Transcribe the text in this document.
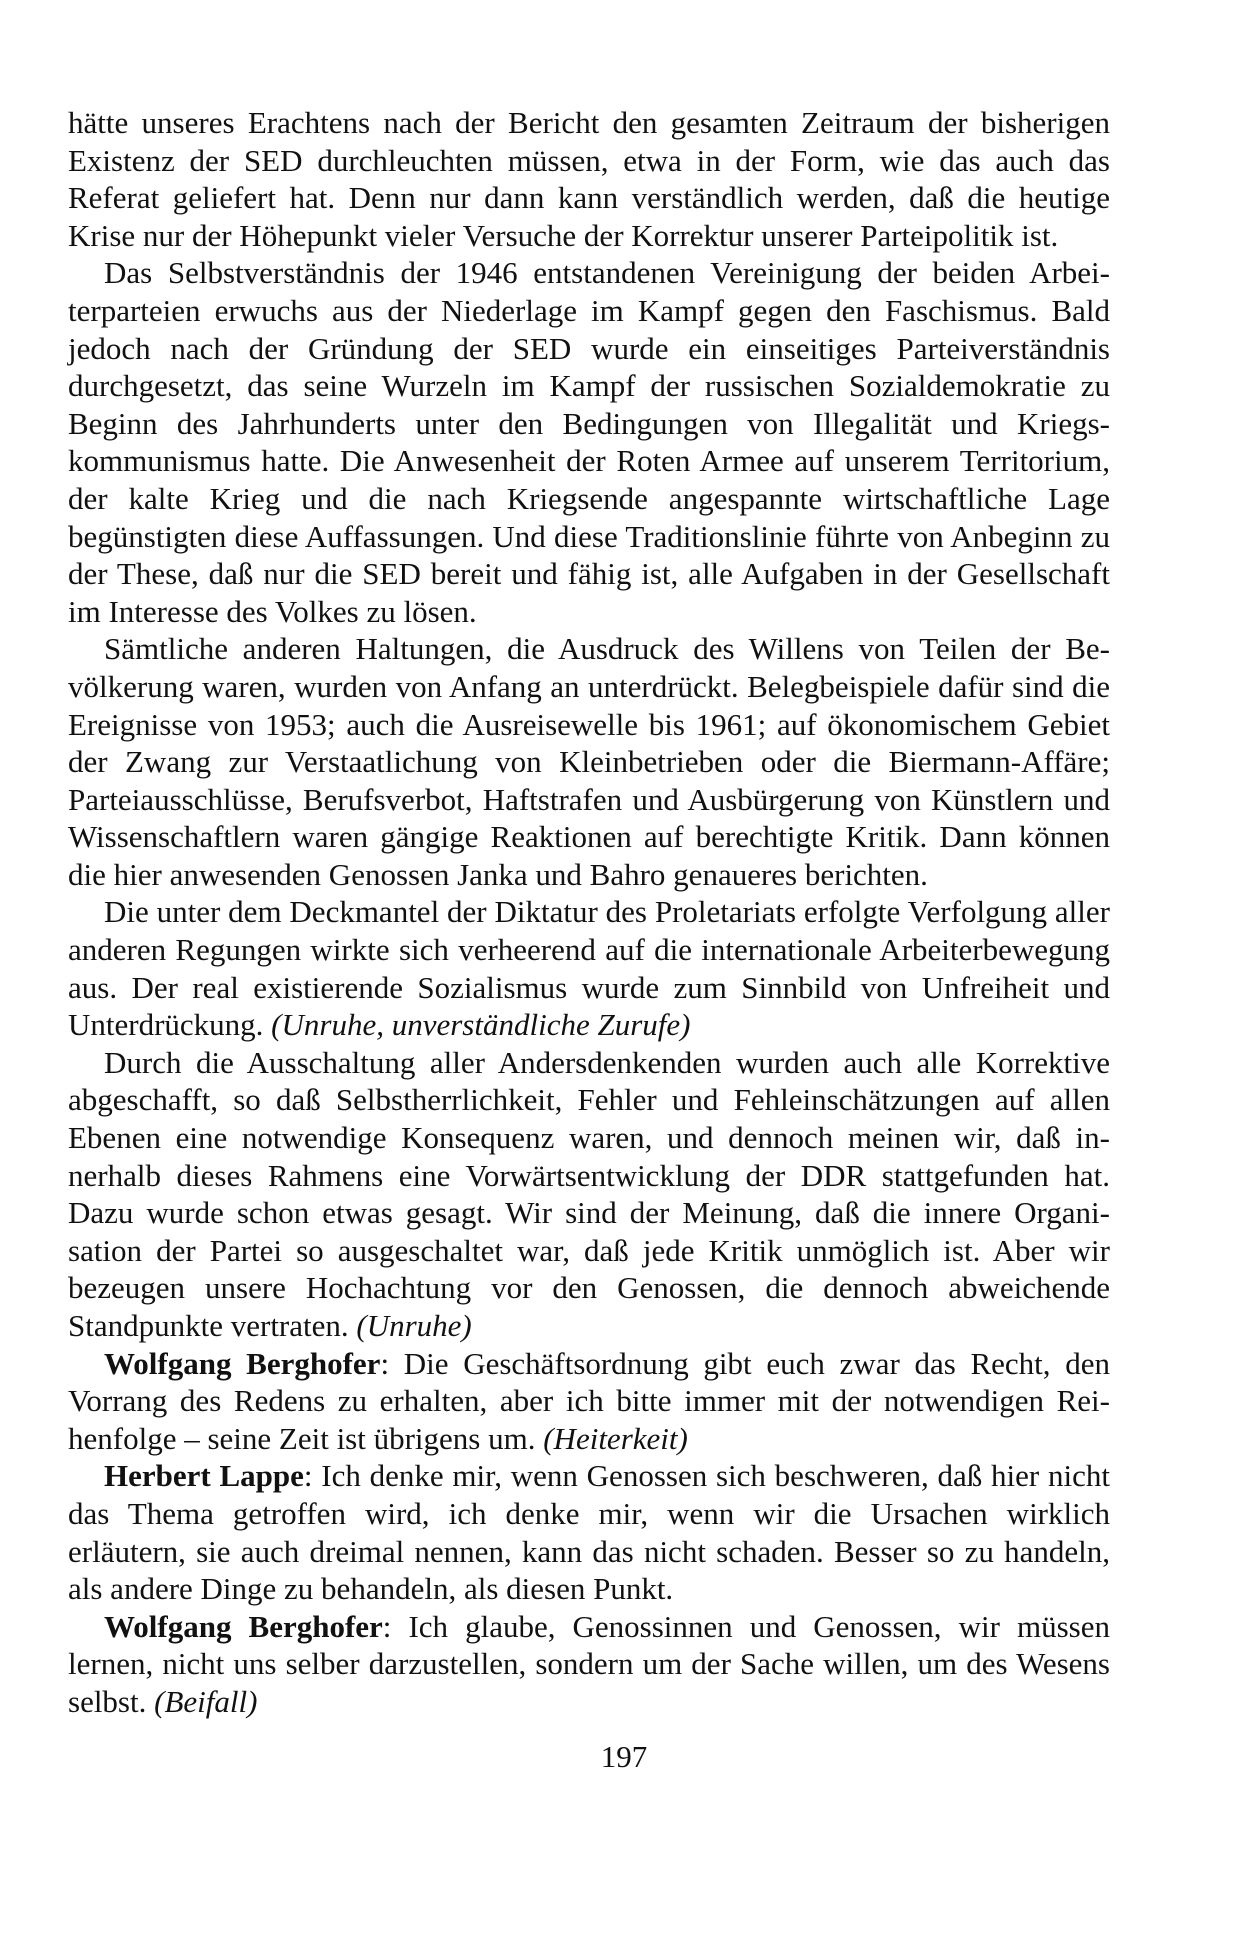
hätte unseres Erachtens nach der Bericht den gesamten Zeitraum der bisherigen Existenz der SED durchleuchten müssen, etwa in der Form, wie das auch das Referat geliefert hat. Denn nur dann kann verständlich werden, daß die heutige Krise nur der Höhepunkt vieler Versuche der Korrektur unserer Parteipolitik ist.

Das Selbstverständnis der 1946 entstandenen Vereinigung der beiden Arbeiterparteien erwuchs aus der Niederlage im Kampf gegen den Faschismus. Bald jedoch nach der Gründung der SED wurde ein einseitiges Parteiverständnis durchgesetzt, das seine Wurzeln im Kampf der russischen Sozialdemokratie zu Beginn des Jahrhunderts unter den Bedingungen von Illegalität und Kriegskommunismus hatte. Die Anwesenheit der Roten Armee auf unserem Territorium, der kalte Krieg und die nach Kriegsende angespannte wirtschaftliche Lage begünstigten diese Auffassungen. Und diese Traditionslinie führte von Anbeginn zu der These, daß nur die SED bereit und fähig ist, alle Aufgaben in der Gesellschaft im Interesse des Volkes zu lösen.

Sämtliche anderen Haltungen, die Ausdruck des Willens von Teilen der Bevölkerung waren, wurden von Anfang an unterdrückt. Belegbeispiele dafür sind die Ereignisse von 1953; auch die Ausreisewelle bis 1961; auf ökonomischem Gebiet der Zwang zur Verstaatlichung von Kleinbetrieben oder die Biermann-Affäre; Parteiausschlüsse, Berufsverbot, Haftstrafen und Ausbürgerung von Künstlern und Wissenschaftlern waren gängige Reaktionen auf berechtigte Kritik. Dann können die hier anwesenden Genossen Janka und Bahro genaueres berichten.

Die unter dem Deckmantel der Diktatur des Proletariats erfolgte Verfolgung aller anderen Regungen wirkte sich verheerend auf die internationale Arbeiterbewegung aus. Der real existierende Sozialismus wurde zum Sinnbild von Unfreiheit und Unterdrückung. (Unruhe, unverständliche Zurufe)

Durch die Ausschaltung aller Andersdenkenden wurden auch alle Korrektive abgeschafft, so daß Selbstherrlichkeit, Fehler und Fehleinschätzungen auf allen Ebenen eine notwendige Konsequenz waren, und dennoch meinen wir, daß innerhalb dieses Rahmens eine Vorwärtsentwicklung der DDR stattgefunden hat. Dazu wurde schon etwas gesagt. Wir sind der Meinung, daß die innere Organisation der Partei so ausgeschaltet war, daß jede Kritik unmöglich ist. Aber wir bezeugen unsere Hochachtung vor den Genossen, die dennoch abweichende Standpunkte vertraten. (Unruhe)

Wolfgang Berghofer: Die Geschäftsordnung gibt euch zwar das Recht, den Vorrang des Redens zu erhalten, aber ich bitte immer mit der notwendigen Reihenfolge – seine Zeit ist übrigens um. (Heiterkeit)

Herbert Lappe: Ich denke mir, wenn Genossen sich beschweren, daß hier nicht das Thema getroffen wird, ich denke mir, wenn wir die Ursachen wirklich erläutern, sie auch dreimal nennen, kann das nicht schaden. Besser so zu handeln, als andere Dinge zu behandeln, als diesen Punkt.

Wolfgang Berghofer: Ich glaube, Genossinnen und Genossen, wir müssen lernen, nicht uns selber darzustellen, sondern um der Sache willen, um des Wesens selbst. (Beifall)

197
